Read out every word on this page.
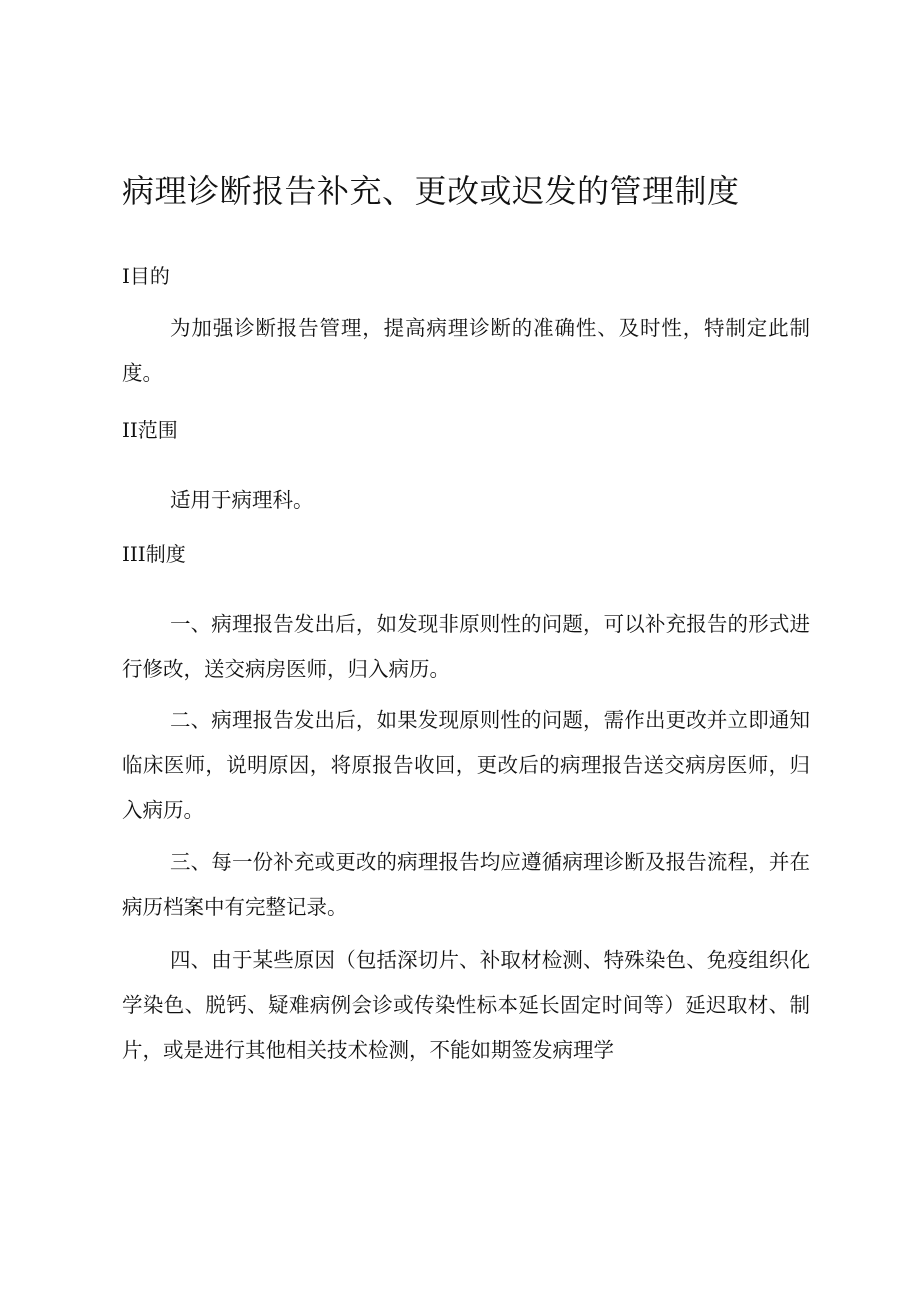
病理诊断报告补充、更改或迟发的管理制度
I目的

为加强诊断报告管理，提高病理诊断的准确性、及时性，特制定此制度。

II范围

适用于病理科。

III制度

一、病理报告发出后，如发现非原则性的问题，可以补充报告的形式进行修改，送交病房医师，归入病历。

二、病理报告发出后，如果发现原则性的问题，需作出更改并立即通知临床医师，说明原因，将原报告收回，更改后的病理报告送交病房医师，归入病历。

三、每一份补充或更改的病理报告均应遵循病理诊断及报告流程，并在病历档案中有完整记录。

四、由于某些原因（包括深切片、补取材检测、特殊染色、免疫组织化学染色、脱钙、疑难病例会诊或传染性标本延长固定时间等）延迟取材、制片，或是进行其他相关技术检测，不能如期签发病理学
